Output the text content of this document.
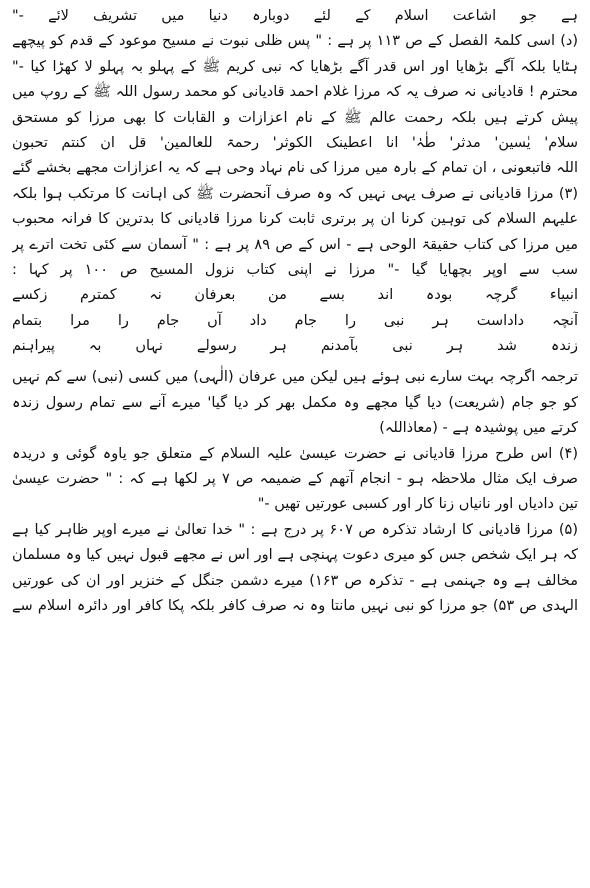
ہے جو اشاعت اسلام کے لئے دوبارہ دنیا میں تشریف لائے -"
(د) اسی کلمۃ الفصل کے ص ۱۱۳ پر ہے : " پس ظلی نبوت نے مسیح موعود کے قدم کو پیچھے
ہٹایا بلکہ آگے بڑھایا اور اس قدر آگے بڑھایا کہ نبی کریم ﷺ کے پہلو بہ پہلو لا کھڑا کیا -"
محترم ! قادیانی نہ صرف یہ کہ مرزا غلام احمد قادیانی کو محمد رسول اللہ ﷺ کے روپ میں
پیش کرتے ہیں بلکہ رحمت عالم ﷺ کے نام اعزازات و القابات کا بھی مرزا کو مستحق
سلام' یٰسین' مدثر' طٰہٰ' انا اعطینک الکوثر' رحمۃ للعالمین' قل ان کنتم تحبون
اللہ فاتبعونی ، ان تمام کے بارہ میں مرزا کی نام نہاد وحی ہے کہ یہ اعزازات مجھے بخشے گئے
(۳) مرزا قادیانی نے صرف یہی نہیں کہ وہ صرف آنحضرت ﷺ کی اہانت کا مرتکب ہوا بلکہ
علیہم السلام کی توہین کرنا ان پر برتری ثابت کرنا مرزا قادیانی کا بدترین کا فرانہ محبوب
میں مرزا کی کتاب حقیقۃ الوحی ہے - اس کے ص ۸۹ پر ہے : " آسمان سے کئی تخت اترے پر
سب سے اوپر بچھایا گیا -" مرزا نے اپنی کتاب نزول المسیح ص ۱۰۰ پر کہا :
انبیاء گرچہ بودہ اند بسے من بعرفان نہ کمترم زکسے
آنچہ داداست ہر نبی را جام داد آں جام را مرا بتمام
زندہ شد ہر نبی بآمدنم ہر رسولے نہاں بہ پیراہنم
ترجمہ اگرچہ بہت سارے نبی ہوئے ہیں لیکن میں عرفان (الٰہی) میں کسی (نبی) سے کم نہیں
کو جو جام (شریعت) دیا گیا مجھے وہ مکمل بھر کر دیا گیا' میرے آنے سے تمام رسول زندہ
کرتے میں پوشیدہ ہے - (معاذاللہ)
(۴) اس طرح مرزا قادیانی نے حضرت عیسیٰ علیہ السلام کے متعلق جو یاوہ گوئی و دریدہ
صرف ایک مثال ملاحظہ ہو - انجام آتھم کے ضمیمہ ص ۷ پر لکھا ہے کہ : " حضرت عیسیٰ
تین دادیاں اور نانیاں زنا کار اور کسبی عورتیں تھیں -"
(۵) مرزا قادیانی کا ارشاد تذکرہ ص ۶۰۷ پر درج ہے : " خدا تعالیٰ نے میرے اوپر ظاہر کیا ہے
کہ ہر ایک شخص جس کو میری دعوت پہنچی ہے اور اس نے مجھے قبول نہیں کیا وہ مسلمان
مخالف ہے وہ جہنمی ہے - تذکرہ ص ۱۶۳) میرے دشمن جنگل کے خنزیر اور ان کی عورتیں
الہدی ص ۵۳) جو مرزا کو نبی نہیں مانتا وہ نہ صرف کافر بلکہ پکا کافر اور دائرہ اسلام سے
